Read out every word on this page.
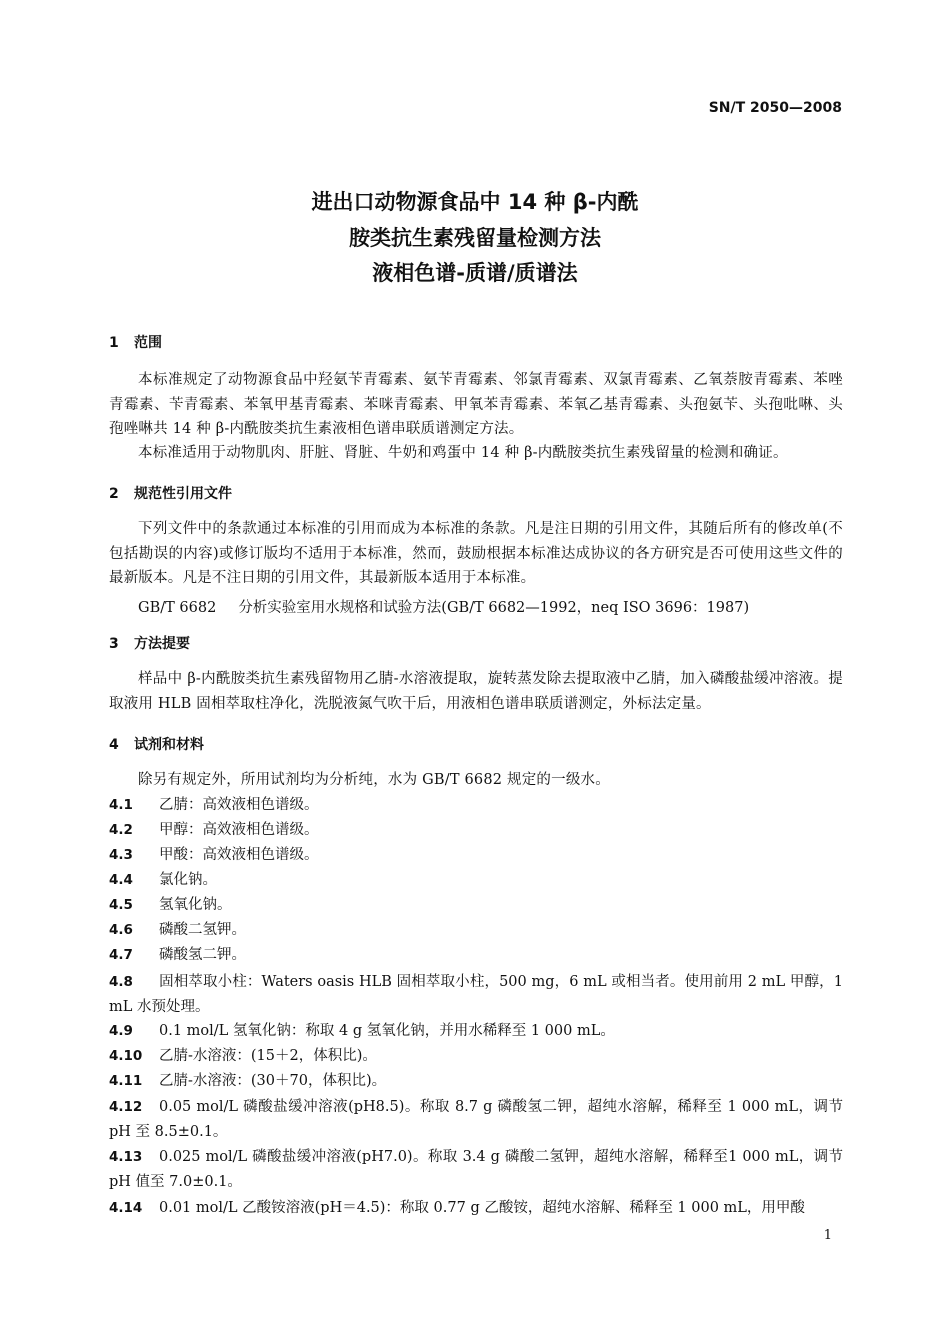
SN/T 2050—2008
进出口动物源食品中 14 种 β-内酰
胺类抗生素残留量检测方法
液相色谱-质谱/质谱法
1 范围
本标准规定了动物源食品中羟氨苄青霉素、氨苄青霉素、邻氯青霉素、双氯青霉素、乙氧萘胺青霉素、苯唑青霉素、苄青霉素、苯氧甲基青霉素、苯咪青霉素、甲氧苯青霉素、苯氧乙基青霉素、头孢氨苄、头孢吡啉、头孢唑啉共 14 种 β-内酰胺类抗生素液相色谱串联质谱测定方法。
本标准适用于动物肌肉、肝脏、肾脏、牛奶和鸡蛋中 14 种 β-内酰胺类抗生素残留量的检测和确证。
2 规范性引用文件
下列文件中的条款通过本标准的引用而成为本标准的条款。凡是注日期的引用文件，其随后所有的修改单(不包括勘误的内容)或修订版均不适用于本标准，然而，鼓励根据本标准达成协议的各方研究是否可使用这些文件的最新版本。凡是不注日期的引用文件，其最新版本适用于本标准。
GB/T 6682 分析实验室用水规格和试验方法(GB/T 6682—1992，neq ISO 3696：1987)
3 方法提要
样品中 β-内酰胺类抗生素残留物用乙腈-水溶液提取，旋转蒸发除去提取液中乙腈，加入磷酸盐缓冲溶液。提取液用 HLB 固相萃取柱净化，洗脱液氮气吹干后，用液相色谱串联质谱测定，外标法定量。
4 试剂和材料
除另有规定外，所用试剂均为分析纯，水为 GB/T 6682 规定的一级水。
4.1 乙腈：高效液相色谱级。
4.2 甲醇：高效液相色谱级。
4.3 甲酸：高效液相色谱级。
4.4 氯化钠。
4.5 氢氧化钠。
4.6 磷酸二氢钾。
4.7 磷酸氢二钾。
4.8 固相萃取小柱：Waters oasis HLB 固相萃取小柱，500 mg，6 mL 或相当者。使用前用 2 mL 甲醇，1 mL 水预处理。
4.9 0.1 mol/L 氢氧化钠：称取 4 g 氢氧化钠，并用水稀释至 1 000 mL。
4.10 乙腈-水溶液：(15＋2，体积比)。
4.11 乙腈-水溶液：(30＋70，体积比)。
4.12 0.05 mol/L 磷酸盐缓冲溶液(pH8.5)。称取 8.7 g 磷酸氢二钾，超纯水溶解，稀释至 1 000 mL，调节 pH 至 8.5±0.1。
4.13 0.025 mol/L 磷酸盐缓冲溶液(pH7.0)。称取 3.4 g 磷酸二氢钾，超纯水溶解，稀释至1 000 mL，调节 pH 值至 7.0±0.1。
4.14 0.01 mol/L 乙酸铵溶液(pH＝4.5)：称取 0.77 g 乙酸铵，超纯水溶解、稀释至 1 000 mL，用甲酸
1
